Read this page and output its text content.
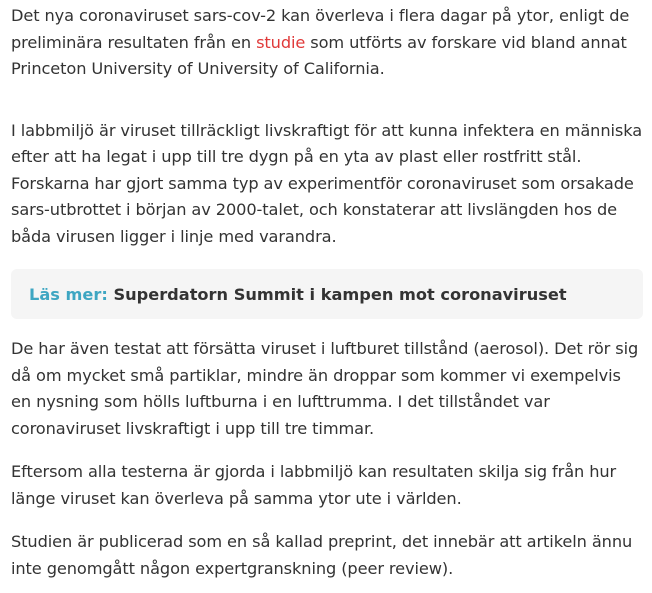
Det nya coronaviruset sars-cov-2 kan överleva i flera dagar på ytor, enligt de preliminära resultaten från en studie som utförts av forskare vid bland annat Princeton University of University of California.

I labbmiljö är viruset tillräckligt livskraftigt för att kunna infektera en människa efter att ha legat i upp till tre dygn på en yta av plast eller rostfritt stål. Forskarna har gjort samma typ av experimentför coronaviruset som orsakade sars-utbrottet i början av 2000-talet, och konstaterar att livslängden hos de båda virusen ligger i linje med varandra.

Läs mer:
Superdatorn Summit i kampen mot coronaviruset

De har även testat att försätta viruset i luftburet tillstånd (aerosol). Det rör sig då om mycket små partiklar, mindre än droppar som kommer vi exempelvis en nysning som hölls luftburna i en lufttrumma. I det tillståndet var coronaviruset livskraftigt i upp till tre timmar.

Eftersom alla testerna är gjorda i labbmiljö kan resultaten skilja sig från hur länge viruset kan överleva på samma ytor ute i världen.

Studien är publicerad som en så kallad preprint, det innebär att artikeln ännu inte genomgått någon expertgranskning (peer review).
